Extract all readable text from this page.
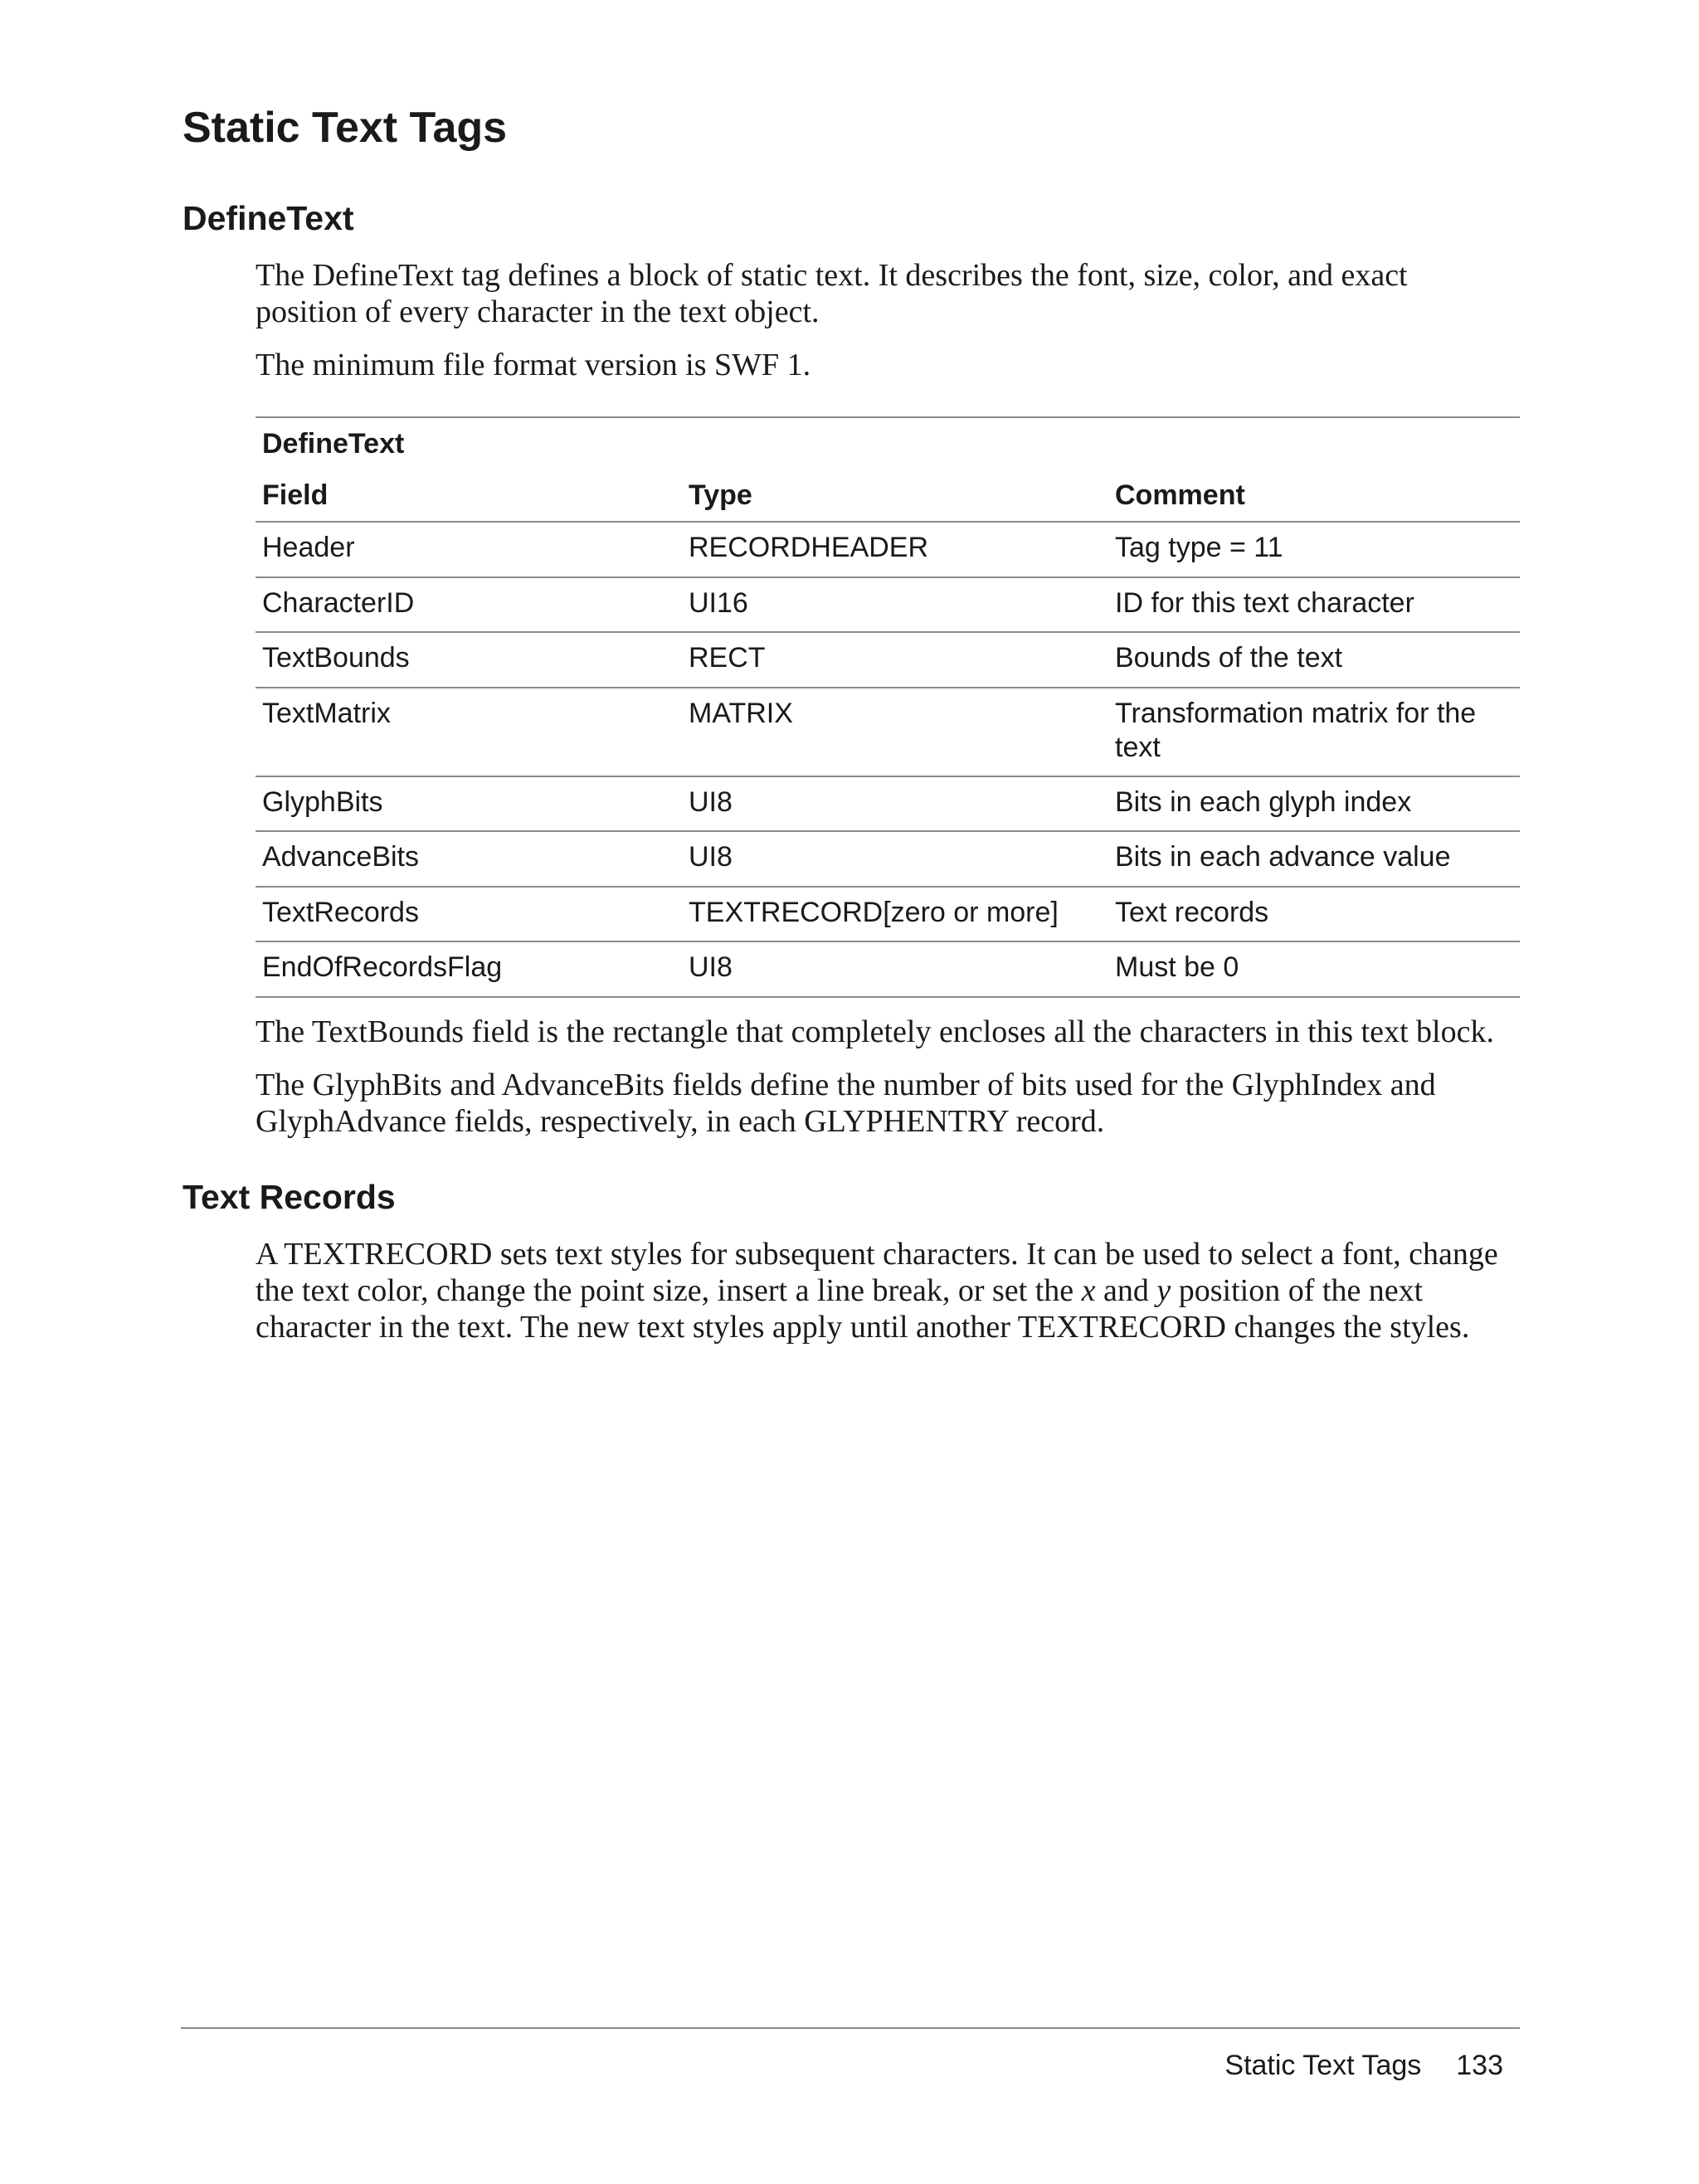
Static Text Tags
DefineText

The DefineText tag defines a block of static text. It describes the font, size, color, and exact position of every character in the text object.

The minimum file format version is SWF 1.

DefineText
Field	Type	Comment
Header	RECORDHEADER	Tag type = 11
CharacterID	UI16	ID for this text character
TextBounds	RECT	Bounds of the text
TextMatrix	MATRIX	Transformation matrix for the text
GlyphBits	UI8	Bits in each glyph index
AdvanceBits	UI8	Bits in each advance value
TextRecords	TEXTRECORD[zero or more]	Text records
EndOfRecordsFlag	UI8	Must be 0

The TextBounds field is the rectangle that completely encloses all the characters in this text block.

The GlyphBits and AdvanceBits fields define the number of bits used for the GlyphIndex and GlyphAdvance fields, respectively, in each GLYPHENTRY record.

Text Records

A TEXTRECORD sets text styles for subsequent characters. It can be used to select a font, change the text color, change the point size, insert a line break, or set the x and y position of the next character in the text. The new text styles apply until another TEXTRECORD changes the styles.

Static Text Tags 133
